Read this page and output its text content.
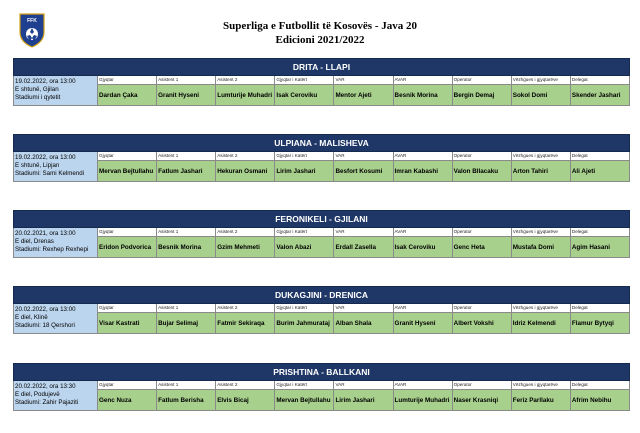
FFK	Superliga e Futbollit të Kosovës - Java 20
Edicioni 2021/2022
DRITA - LLAPI
19.02.2022, ora 13:00
E shtunë, Gjilan
Stadiumi i qytetit
Gjyqtar
Dardan Çaka
Asistent 1
Granit Hyseni
Asistent 2
Lumturije Muhadri
Gjyqtar i Katërt
Isak Ceroviku
VAR
Mentor Ajeti
AVAR
Besnik Morina
Operator
Bergin Demaj
Vëzhgues i gjyqtarëve
Sokol Domi
Delegat
Skender Jashari
ULPIANA - MALISHEVA
19.02.2022, ora 13:00
E shtunë, Lipjan
Stadiumi: Sami Kelmendi
Gjyqtar
Mervan Bejtullahu
Asistent 1
Fatlum Jashari
Asistent 2
Hekuran Osmani
Gjyqtar i Katërt
Lirim Jashari
VAR
Besfort Kosumi
AVAR
Imran Kabashi
Operator
Valon Bllacaku
Vëzhgues i gjyqtarëve
Arton Tahiri
Delegat
Ali Ajeti
FERONIKELI - GJILANI
20.02.2021, ora 13:00
E diel, Drenas
Stadiumi: Rexhep Rexhepi
Gjyqtar
Eridon Podvorica
Asistent 1
Besnik Morina
Asistent 2
Gzim Mehmeti
Gjyqtar i Katërt
Valon Abazi
VAR
Erdall Zasella
AVAR
Isak Ceroviku
Operator
Genc Heta
Vëzhgues i gjyqtarëve
Mustafa Domi
Delegat
Agim Hasani
DUKAGJINI - DRENICA
20.02.2022, ora 13:00
E diel, Klinë
Stadiumi: 18 Qershori
Gjyqtar
Visar Kastrati
Asistent 1
Bujar Selimaj
Asistent 2
Fatmir Sekiraqa
Gjyqtar i Katërt
Burim Jahmurataj
VAR
Alban Shala
AVAR
Granit Hyseni
Operator
Albert Vokshi
Vëzhgues i gjyqtarëve
Idriz Kelmendi
Delegat
Flamur Bytyqi
PRISHTINA - BALLKANI
20.02.2022, ora 13:30
E diel, Podujevë
Stadiumi: Zahir Pajaziti
Gjyqtar
Genc Nuza
Asistent 1
Fatlum Berisha
Asistent 2
Elvis Bicaj
Gjyqtar i Katërt
Mervan Bejtullahu
VAR
Lirim Jashari
AVAR
Lumturije Muhadri
Operator
Naser Krasniqi
Vëzhgues i gjyqtarëve
Feriz Parllaku
Delegat
Afrim Nebihu
